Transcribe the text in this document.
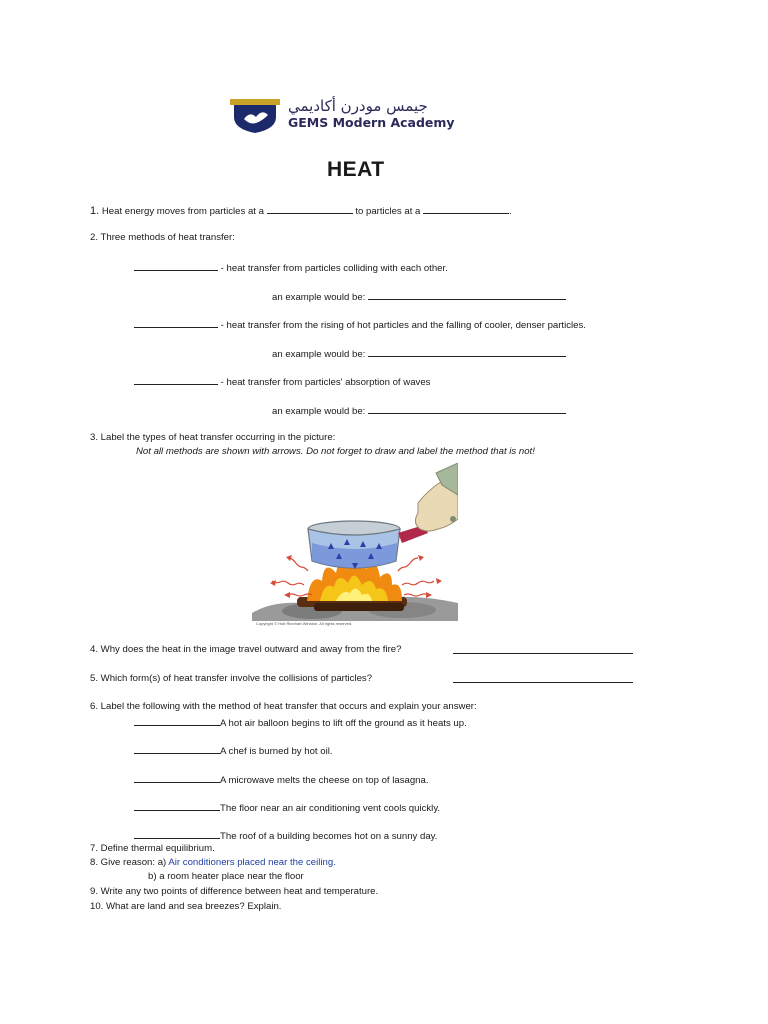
جيمس مودرن أكاديمي
GEMS Modern Academy
HEAT
1. Heat energy moves from particles at a	to particles at a	.
2. Three methods of heat transfer:
- heat transfer from particles colliding with each other.
an example would be:
- heat transfer from the rising of hot particles and the falling of cooler, denser particles.
an example would be:
- heat transfer from particles' absorption of waves
an example would be:
3. Label the types of heat transfer occurring in the picture:
Not all methods are shown with arrows. Do not forget to draw and label the method that is not!
Copyright © Holt Rinehart Winston. All rights reserved.
4. Why does the heat in the image travel outward and away from the fire?
5. Which form(s) of heat transfer involve the collisions of particles?
6. Label the following with the method of heat transfer that occurs and explain your answer:
A hot air balloon begins to lift off the ground as it heats up.
A chef is burned by hot oil.
A microwave melts the cheese on top of lasagna.
The floor near an air conditioning vent cools quickly.
The roof of a building becomes hot on a sunny day.
7. Define thermal equilibrium.
8. Give reason: a) Air conditioners placed near the ceiling.
b) a room heater place near the floor
9. Write any two points of difference between heat and temperature.
10. What are land and sea breezes? Explain.
